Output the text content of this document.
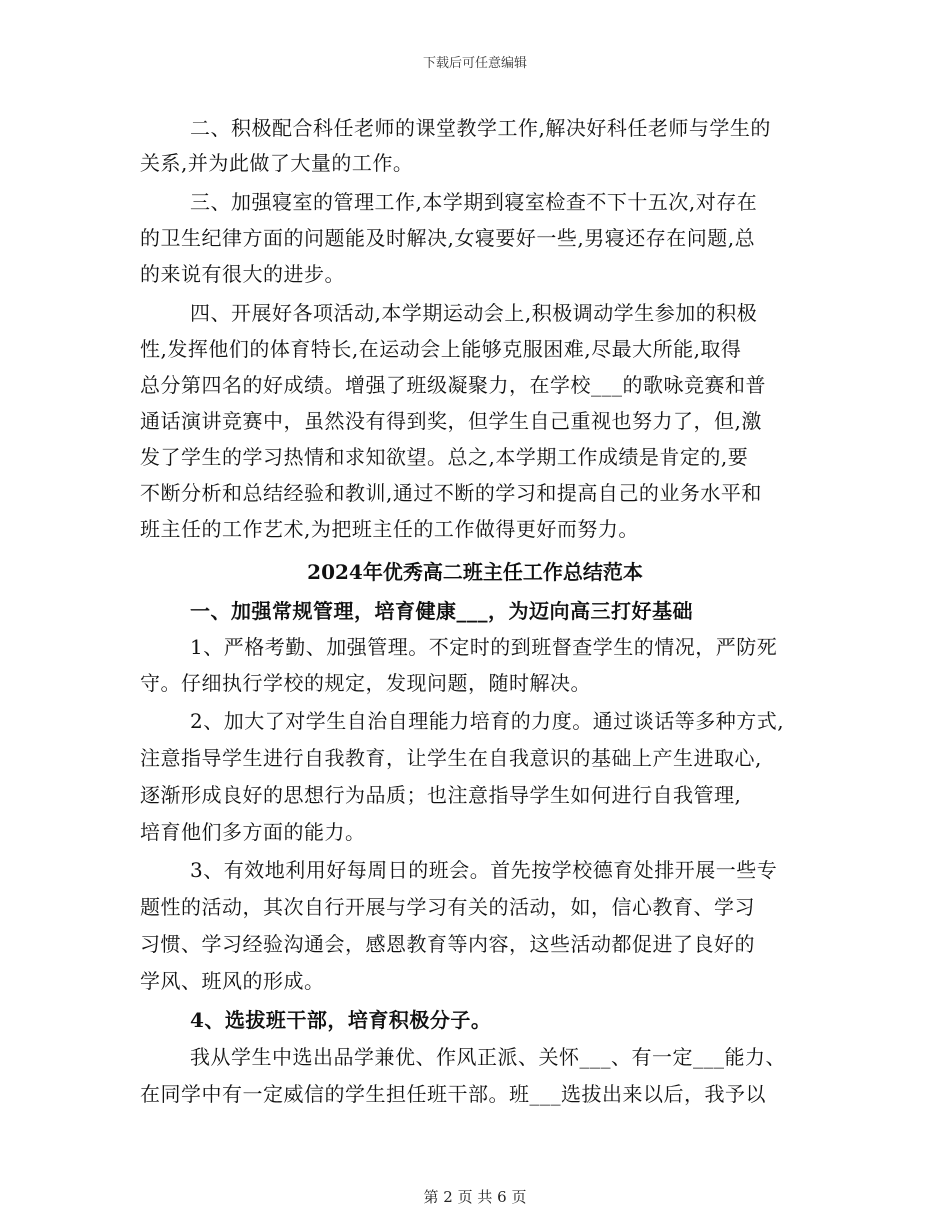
下载后可任意编辑
二、积极配合科任老师的课堂教学工作,解决好科任老师与学生的
关系,并为此做了大量的工作。
三、加强寝室的管理工作,本学期到寝室检查不下十五次,对存在
的卫生纪律方面的问题能及时解决,女寝要好一些,男寝还存在问题,总
的来说有很大的进步。
四、开展好各项活动,本学期运动会上,积极调动学生参加的积极
性,发挥他们的体育特长,在运动会上能够克服困难,尽最大所能,取得
总分第四名的好成绩。增强了班级凝聚力，在学校___的歌咏竞赛和普
通话演讲竞赛中，虽然没有得到奖，但学生自己重视也努力了，但,激
发了学生的学习热情和求知欲望。总之,本学期工作成绩是肯定的,要
不断分析和总结经验和教训,通过不断的学习和提高自己的业务水平和
班主任的工作艺术,为把班主任的工作做得更好而努力。
2024年优秀高二班主任工作总结范本
一、加强常规管理，培育健康___，为迈向高三打好基础
1、严格考勤、加强管理。不定时的到班督查学生的情况，严防死
守。仔细执行学校的规定，发现问题，随时解决。
2、加大了对学生自治自理能力培育的力度。通过谈话等多种方式,
注意指导学生进行自我教育，让学生在自我意识的基础上产生进取心,
逐渐形成良好的思想行为品质；也注意指导学生如何进行自我管理,
培育他们多方面的能力。
3、有效地利用好每周日的班会。首先按学校德育处排开展一些专
题性的活动，其次自行开展与学习有关的活动，如，信心教育、学习
习惯、学习经验沟通会，感恩教育等内容，这些活动都促进了良好的
学风、班风的形成。
4、选拔班干部，培育积极分子。
我从学生中选出品学兼优、作风正派、关怀___、有一定___能力、
在同学中有一定威信的学生担任班干部。班___选拔出来以后，我予以
第 2 页 共 6 页
